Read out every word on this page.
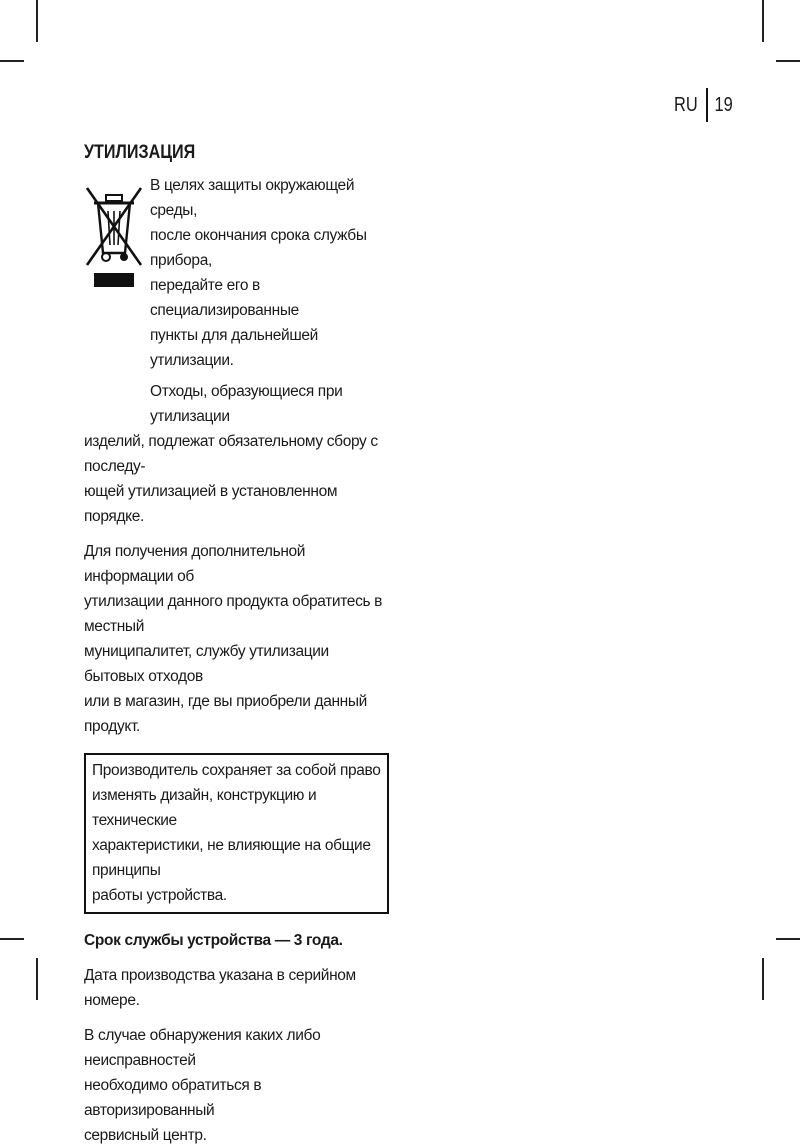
RU 19
УТИЛИЗАЦИЯ
В целях защиты окружающей среды,
после окончания срока службы прибора,
передайте его в специализированные
пункты для дальнейшей утилизации.
Отходы, образующиеся при утилизации
изделий, подлежат обязательному сбору с последу-
ющей утилизацией в установленном порядке.
Для получения дополнительной информации об
утилизации данного продукта обратитесь в местный
муниципалитет, службу утилизации бытовых отходов
или в магазин, где вы приобрели данный продукт.
Производитель сохраняет за собой право
изменять дизайн, конструкцию и технические
характеристики, не влияющие на общие принципы
работы устройства.
Срок службы устройства — 3 года.
Дата производства указана в серийном номере.
В случае обнаружения каких либо неисправностей
необходимо обратиться в авторизированный
сервисный центр.
